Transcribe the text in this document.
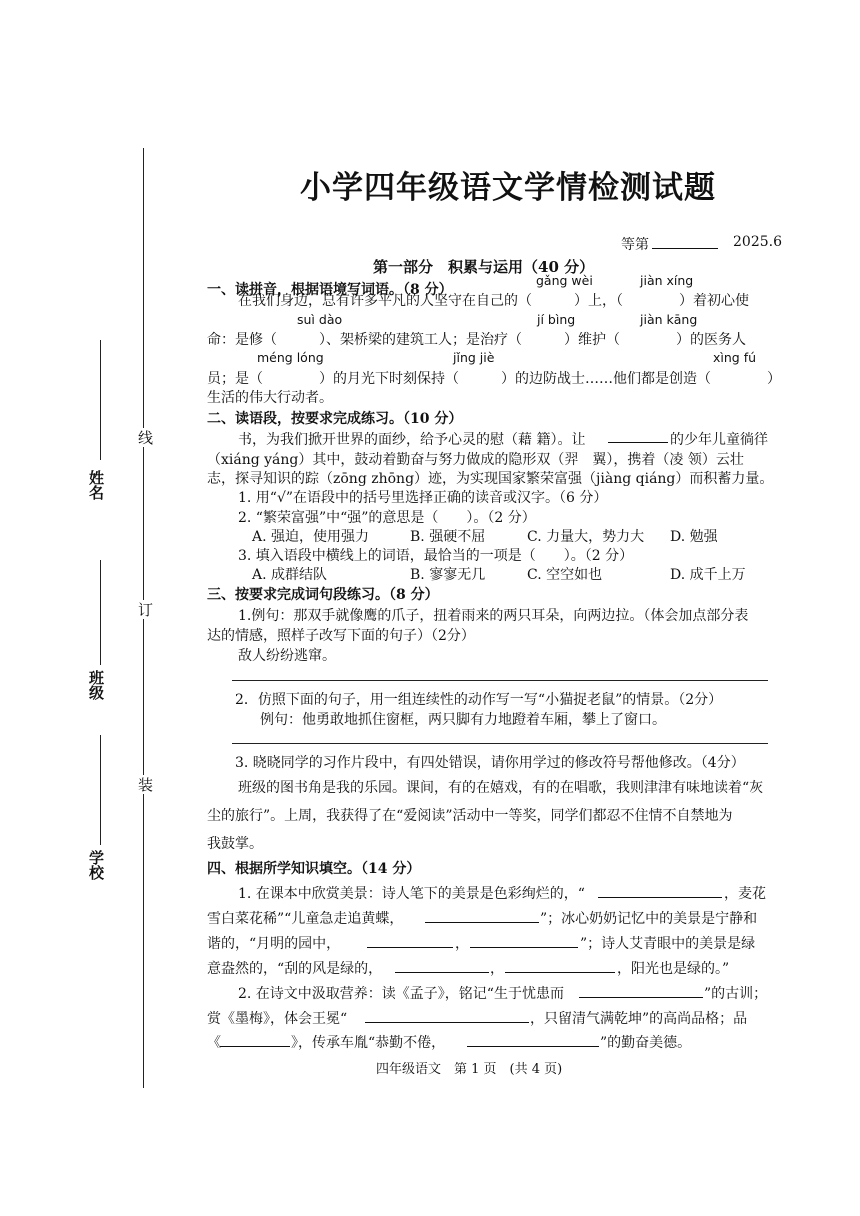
线
订
装
姓名
班级
学校
小学四年级语文学情检测试题
等第	2025.6
第一部分　积累与运用（40 分）
一、读拼音，根据语境写词语。（8 分）
gǎng wèi	jiàn xíng
在我们身边，总有许多平凡的人坚守在自己的（　　　）上，（　　　　）着初心使
suì dào	jí bìng	jiàn kāng
命：是修（　　　）、架桥梁的建筑工人；是治疗（　　　）维护（　　　　）的医务人
méng lóng	jǐng jiè	xìng fú
员；是（　　　　）的月光下时刻保持（　　　）的边防战士……他们都是创造（　　　　）
生活的伟大行动者。
二、读语段，按要求完成练习。（10 分）
书，为我们掀开世界的面纱，给予心灵的慰（藉 籍）。让	的少年儿童徜徉
（xiáng yáng）其中，鼓动着勤奋与努力做成的隐形双（羿　翼），携着（凌 领）云壮
志，探寻知识的踪（zōng zhōng）迹，为实现国家繁荣富强（jiàng qiáng）而积蓄力量。
1. 用“√”在语段中的括号里选择正确的读音或汉字。（6 分）
2. “繁荣富强”中“强”的意思是（　　）。（2 分）
A. 强迫，使用强力	B. 强硬不屈	C. 力量大，势力大 D. 勉强
3. 填入语段中横线上的词语，最恰当的一项是（　　）。（2 分）
A. 成群结队	B. 寥寥无几	C. 空空如也	D. 成千上万
三、按要求完成词句段练习。（8 分）
1.例句：那双手就像鹰的爪子，扭着雨来的两只耳朵，向两边拉。（体会加点部分表
达的情感，照样子改写下面的句子）（2分）
敌人纷纷逃窜。
2．仿照下面的句子，用一组连续性的动作写一写“小猫捉老鼠”的情景。（2分）
例句：他勇敢地抓住窗框，两只脚有力地蹬着车厢，攀上了窗口。
3. 晓晓同学的习作片段中，有四处错误，请你用学过的修改符号帮他修改。（4分）
班级的图书角是我的乐园。课间，有的在嬉戏，有的在唱歌，我则津津有味地读着“灰
尘的旅行”。上周，我获得了在“爱阅读”活动中一等奖，同学们都忍不住情不自禁地为
我鼓掌。
四、根据所学知识填空。（14 分）
1. 在课本中欣赏美景：诗人笔下的美景是色彩绚烂的，“	，麦花
雪白菜花稀”“儿童急走追黄蝶，	”；冰心奶奶记忆中的美景是宁静和
谐的，“月明的园中，	，	”；诗人艾青眼中的美景是绿
意盎然的，“刮的风是绿的，	，	，阳光也是绿的。”
2. 在诗文中汲取营养：读《孟子》，铭记“生于忧患而	”的古训；
赏《墨梅》，体会王冕“	，只留清气满乾坤”的高尚品格；品
《	》，传承车胤“恭勤不倦，	”的勤奋美德。
四年级语文　第 1 页　(共 4 页)
